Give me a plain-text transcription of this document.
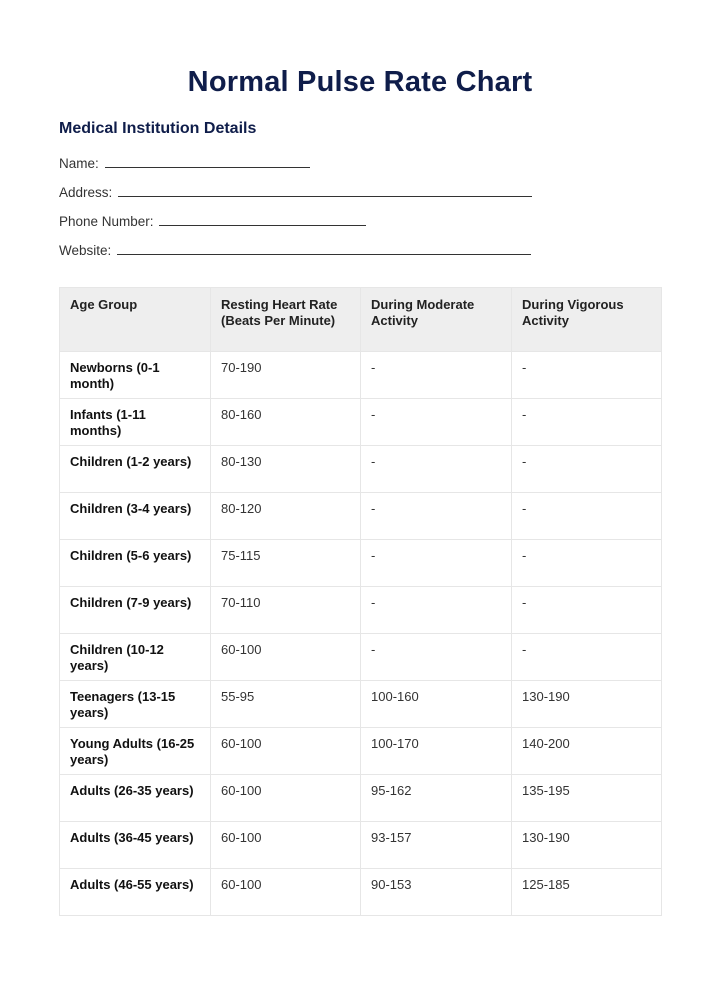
Normal Pulse Rate Chart
Medical Institution Details
Name:
Address:
Phone Number:
Website:
Age Group	Resting Heart Rate (Beats Per Minute)	During Moderate Activity	During Vigorous Activity
Newborns (0-1 month)	70-190	-	-
Infants (1-11 months)	80-160	-	-
Children (1-2 years)	80-130	-	-
Children (3-4 years)	80-120	-	-
Children (5-6 years)	75-115	-	-
Children (7-9 years)	70-110	-	-
Children (10-12 years)	60-100	-	-
Teenagers (13-15 years)	55-95	100-160	130-190
Young Adults (16-25 years)	60-100	100-170	140-200
Adults (26-35 years)	60-100	95-162	135-195
Adults (36-45 years)	60-100	93-157	130-190
Adults (46-55 years)	60-100	90-153	125-185
